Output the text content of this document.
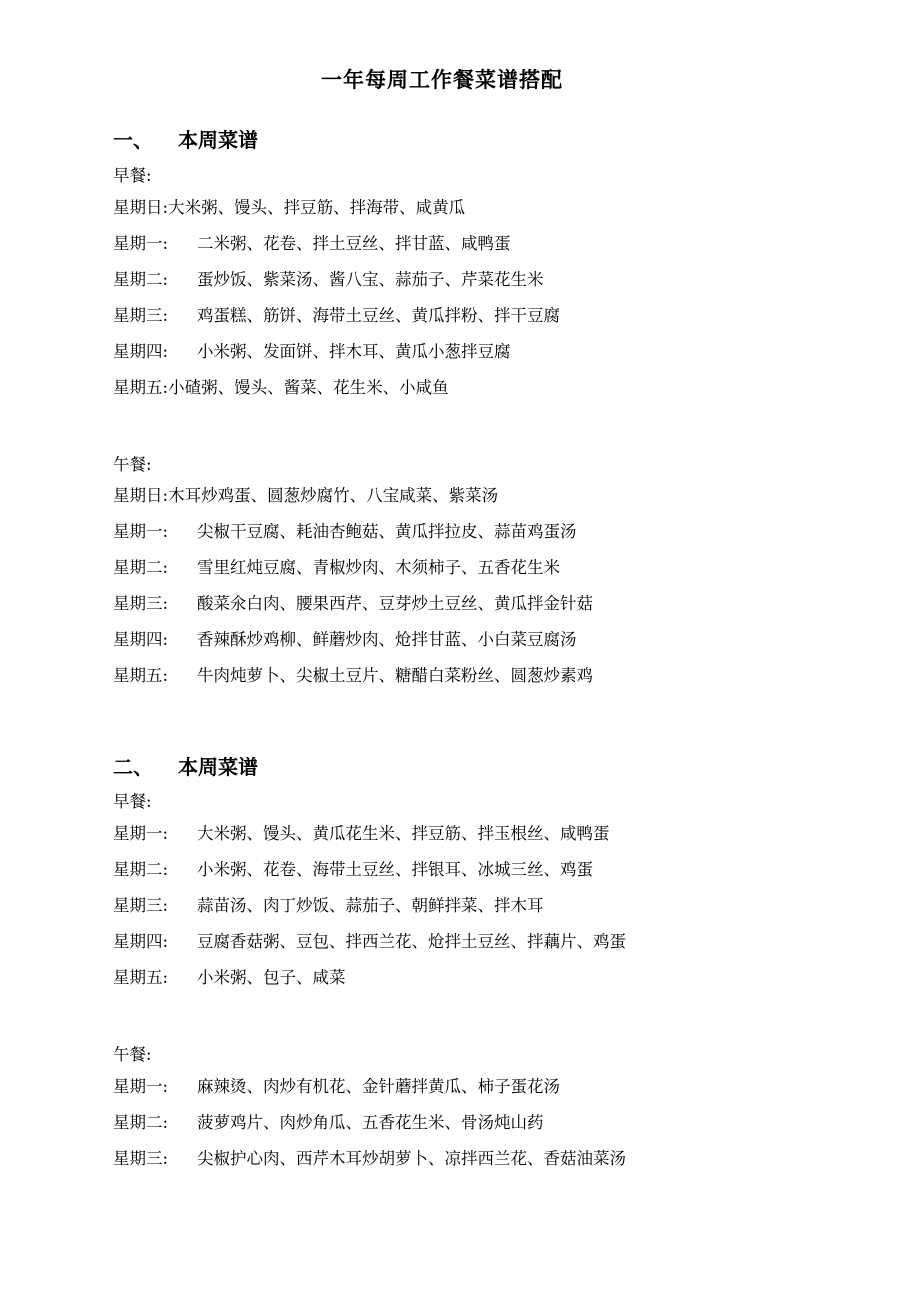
一年每周工作餐菜谱搭配
一、 本周菜谱
早餐:
星期日:大米粥、馒头、拌豆筋、拌海带、咸黄瓜
星期一: 二米粥、花卷、拌土豆丝、拌甘蓝、咸鸭蛋
星期二: 蛋炒饭、紫菜汤、酱八宝、蒜茄子、芹菜花生米
星期三: 鸡蛋糕、筋饼、海带土豆丝、黄瓜拌粉、拌干豆腐
星期四: 小米粥、发面饼、拌木耳、黄瓜小葱拌豆腐
星期五:小碴粥、馒头、酱菜、花生米、小咸鱼
午餐:
星期日:木耳炒鸡蛋、圆葱炒腐竹、八宝咸菜、紫菜汤
星期一: 尖椒干豆腐、耗油杏鲍菇、黄瓜拌拉皮、蒜苗鸡蛋汤
星期二: 雪里红炖豆腐、青椒炒肉、木须柿子、五香花生米
星期三: 酸菜氽白肉、腰果西芹、豆芽炒土豆丝、黄瓜拌金针菇
星期四: 香辣酥炒鸡柳、鲜蘑炒肉、炝拌甘蓝、小白菜豆腐汤
星期五: 牛肉炖萝卜、尖椒土豆片、糖醋白菜粉丝、圆葱炒素鸡
二、 本周菜谱
早餐:
星期一: 大米粥、馒头、黄瓜花生米、拌豆筋、拌玉根丝、咸鸭蛋
星期二: 小米粥、花卷、海带土豆丝、拌银耳、冰城三丝、鸡蛋
星期三: 蒜苗汤、肉丁炒饭、蒜茄子、朝鲜拌菜、拌木耳
星期四: 豆腐香菇粥、豆包、拌西兰花、炝拌土豆丝、拌藕片、鸡蛋
星期五: 小米粥、包子、咸菜
午餐:
星期一: 麻辣烫、肉炒有机花、金针蘑拌黄瓜、柿子蛋花汤
星期二: 菠萝鸡片、肉炒角瓜、五香花生米、骨汤炖山药
星期三: 尖椒护心肉、西芹木耳炒胡萝卜、凉拌西兰花、香菇油菜汤
